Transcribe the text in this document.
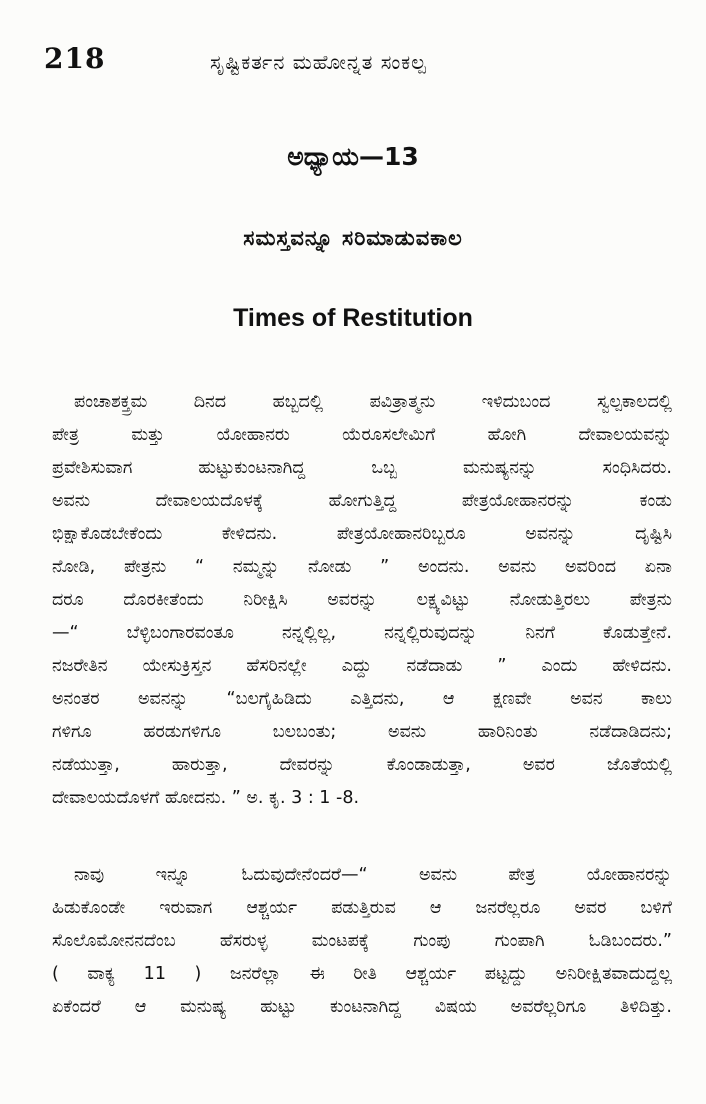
218	ಸೃಷ್ಟಿಕರ್ತನ ಮಹೋನ್ನತ ಸಂಕಲ್ಪ
ಅಧ್ಯಾಯ—13
ಸಮಸ್ತವನ್ನೂ ಸರಿಮಾಡುವಕಾಲ
Times of Restitution
ಪಂಚಾಶಕ್ತ್ರಮ ದಿನದ ಹಬ್ಬದಲ್ಲಿ ಪವಿತ್ರಾತ್ಮನು ಇಳಿದುಬಂದ ಸ್ವಲ್ಪಕಾಲದಲ್ಲಿ
ಪೇತ್ರ ಮತ್ತು ಯೋಹಾನರು ಯೆರೂಸಲೇಮಿಗೆ ಹೋಗಿ ದೇವಾಲಯವನ್ನು
ಪ್ರವೇಶಿಸುವಾಗ ಹುಟ್ಟುಕುಂಟನಾಗಿದ್ದ ಒಬ್ಬ ಮನುಷ್ಯನನ್ನು ಸಂಧಿಸಿದರು.
ಅವನು ದೇವಾಲಯದೊಳಕ್ಕೆ ಹೋಗುತ್ತಿದ್ದ ಪೇತ್ರಯೋಹಾನರನ್ನು ಕಂಡು
ಭಿಕ್ಷಾಕೊಡಬೇಕೆಂದು ಕೇಳಿದನು. ಪೇತ್ರಯೋಹಾನರಿಬ್ಬರೂ ಅವನನ್ನು ದೃಷ್ಟಿಸಿ
ನೋಡಿ, ಪೇತ್ರನು “ ನಮ್ಮನ್ನು ನೋಡು ” ಅಂದನು. ಅವನು ಅವರಿಂದ ಏನಾ
ದರೂ ದೊರಕೀತೆಂದು ನಿರೀಕ್ಷಿಸಿ ಅವರನ್ನು ಲಕ್ಷ್ಯವಿಟ್ಟು ನೋಡುತ್ತಿರಲು ಪೇತ್ರನು
—“ ಬೆಳ್ಳಿಬಂಗಾರವಂತೂ ನನ್ನಲ್ಲಿಲ್ಲ, ನನ್ನಲ್ಲಿರುವುದನ್ನು ನಿನಗೆ ಕೊಡುತ್ತೇನೆ.
ನಜರೇತಿನ ಯೇಸುಕ್ರಿಸ್ತನ ಹೆಸರಿನಲ್ಲೇ ಎದ್ದು ನಡೆದಾಡು ” ಎಂದು ಹೇಳಿದನು.
ಅನಂತರ ಅವನನ್ನು “ಬಲಗೈಹಿಡಿದು ಎತ್ತಿದನು, ಆ ಕ್ಷಣವೇ ಅವನ ಕಾಲು
ಗಳಿಗೂ ಹರಡುಗಳಿಗೂ ಬಲಬಂತು; ಅವನು ಹಾರಿನಿಂತು ನಡೆದಾಡಿದನು;
ನಡೆಯುತ್ತಾ, ಹಾರುತ್ತಾ, ದೇವರನ್ನು ಕೊಂಡಾಡುತ್ತಾ, ಅವರ ಜೊತೆಯಲ್ಲಿ
ದೇವಾಲಯದೊಳಗೆ ಹೋದನು. ” ಅ. ಕೃ. 3 : 1 -8.
ನಾವು ಇನ್ನೂ ಓದುವುದೇನೆಂದರೆ—“ ಅವನು ಪೇತ್ರ ಯೋಹಾನರನ್ನು
ಹಿಡುಕೊಂಡೇ ಇರುವಾಗ ಆಶ್ಚರ್ಯ ಪಡುತ್ತಿರುವ ಆ ಜನರೆಲ್ಲರೂ ಅವರ ಬಳಿಗೆ
ಸೊಲೊಮೋನನದೆಂಬ ಹೆಸರುಳ್ಳ ಮಂಟಪಕ್ಕೆ ಗುಂಪು ಗುಂಪಾಗಿ ಓಡಿಬಂದರು.”
( ವಾಕ್ಯ 11 ) ಜನರೆಲ್ಲಾ ಈ ರೀತಿ ಆಶ್ಚರ್ಯ ಪಟ್ಟದ್ದು ಅನಿರೀಕ್ಷಿತವಾದುದ್ದಲ್ಲ
ಏಕೆಂದರೆ ಆ ಮನುಷ್ಯ ಹುಟ್ಟು ಕುಂಟನಾಗಿದ್ದ ವಿಷಯ ಅವರೆಲ್ಲರಿಗೂ ತಿಳಿದಿತ್ತು.
